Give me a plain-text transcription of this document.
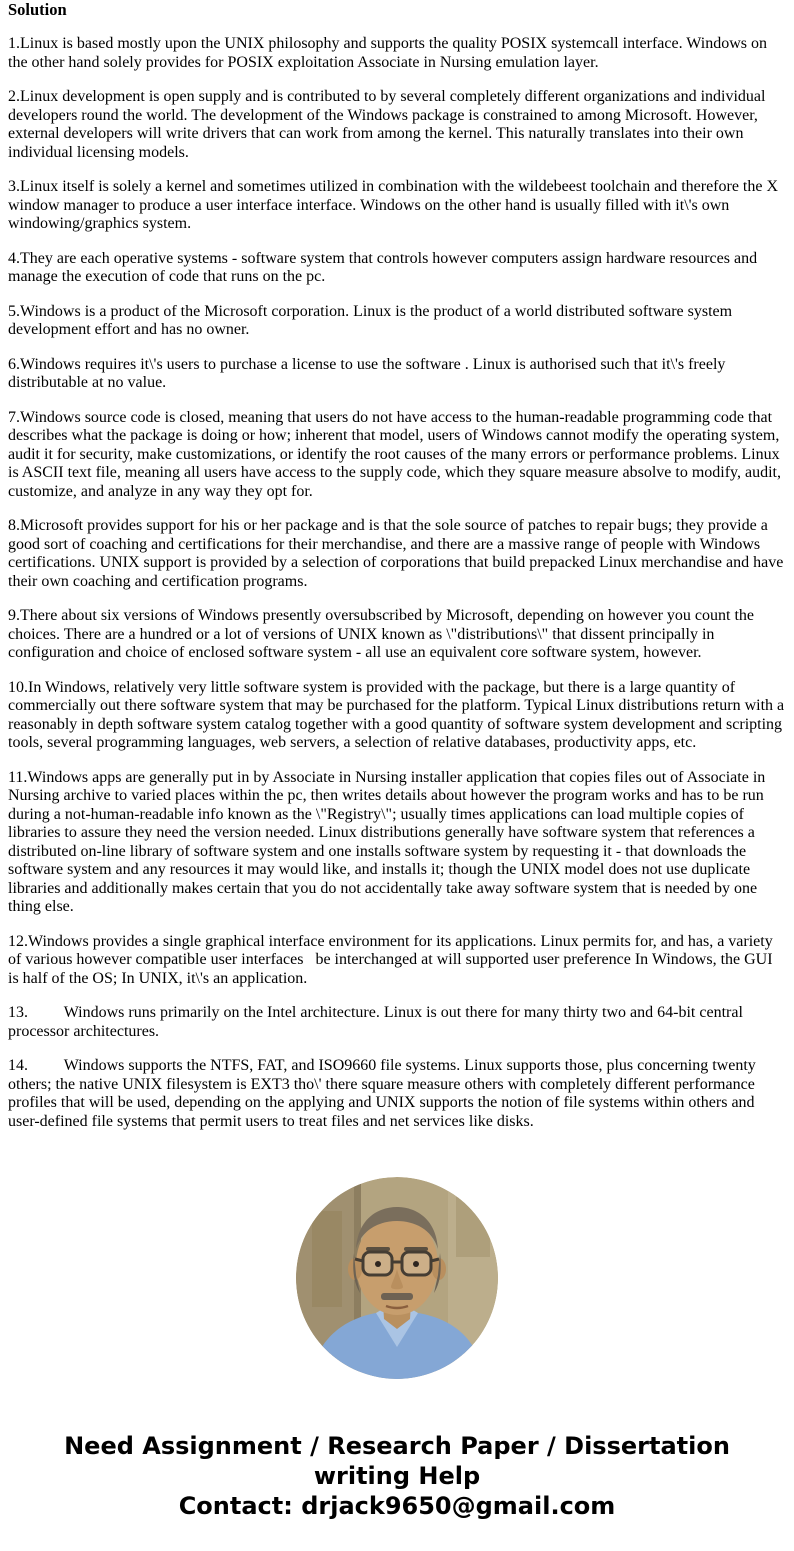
Solution

1.Linux is based mostly upon the UNIX philosophy and supports the quality POSIX systemcall interface. Windows on the other hand solely provides for POSIX exploitation Associate in Nursing emulation layer.

2.Linux development is open supply and is contributed to by several completely different organizations and individual developers round the world. The development of the Windows package is constrained to among Microsoft. However, external developers will write drivers that can work from among the kernel. This naturally translates into their own individual licensing models.

3.Linux itself is solely a kernel and sometimes utilized in combination with the wildebeest toolchain and therefore the X window manager to produce a user interface interface. Windows on the other hand is usually filled with it\'s own windowing/graphics system.

4.They are each operative systems - software system that controls however computers assign hardware resources and manage the execution of code that runs on the pc.

5.Windows is a product of the Microsoft corporation. Linux is the product of a world distributed software system development effort and has no owner.

6.Windows requires it\'s users to purchase a license to use the software . Linux is authorised such that it\'s freely distributable at no value.

7.Windows source code is closed, meaning that users do not have access to the human-readable programming code that describes what the package is doing or how; inherent that model, users of Windows cannot modify the operating system, audit it for security, make customizations, or identify the root causes of the many errors or performance problems. Linux is ASCII text file, meaning all users have access to the supply code, which they square measure absolve to modify, audit, customize, and analyze in any way they opt for.

8.Microsoft provides support for his or her package and is that the sole source of patches to repair bugs; they provide a good sort of coaching and certifications for their merchandise, and there are a massive range of people with Windows certifications. UNIX support is provided by a selection of corporations that build prepacked Linux merchandise and have their own coaching and certification programs.

9.There about six versions of Windows presently oversubscribed by Microsoft, depending on however you count the choices. There are a hundred or a lot of versions of UNIX known as \"distributions\" that dissent principally in configuration and choice of enclosed software system - all use an equivalent core software system, however.

10.In Windows, relatively very little software system is provided with the package, but there is a large quantity of commercially out there software system that may be purchased for the platform. Typical Linux distributions return with a reasonably in depth software system catalog together with a good quantity of software system development and scripting tools, several programming languages, web servers, a selection of relative databases, productivity apps, etc.

11.Windows apps are generally put in by Associate in Nursing installer application that copies files out of Associate in Nursing archive to varied places within the pc, then writes details about however the program works and has to be run during a not-human-readable info known as the \"Registry\"; usually times applications can load multiple copies of libraries to assure they need the version needed. Linux distributions generally have software system that references a distributed on-line library of software system and one installs software system by requesting it - that downloads the software system and any resources it may would like, and installs it; though the UNIX model does not use duplicate libraries and additionally makes certain that you do not accidentally take away software system that is needed by one thing else.

12.Windows provides a single graphical interface environment for its applications. Linux permits for, and has, a variety of various however compatible user interfaces   be interchanged at will supported user preference In Windows, the GUI is half of the OS; In UNIX, it\'s an application.

13.         Windows runs primarily on the Intel architecture. Linux is out there for many thirty two and 64-bit central processor architectures.

14.         Windows supports the NTFS, FAT, and ISO9660 file systems. Linux supports those, plus concerning twenty others; the native UNIX filesystem is EXT3 tho\' there square measure others with completely different performance profiles that will be used, depending on the applying and UNIX supports the notion of file systems within others and user-defined file systems that permit users to treat files and net services like disks.

Need Assignment / Research Paper / Dissertation writing Help

Contact: drjack9650@gmail.com
